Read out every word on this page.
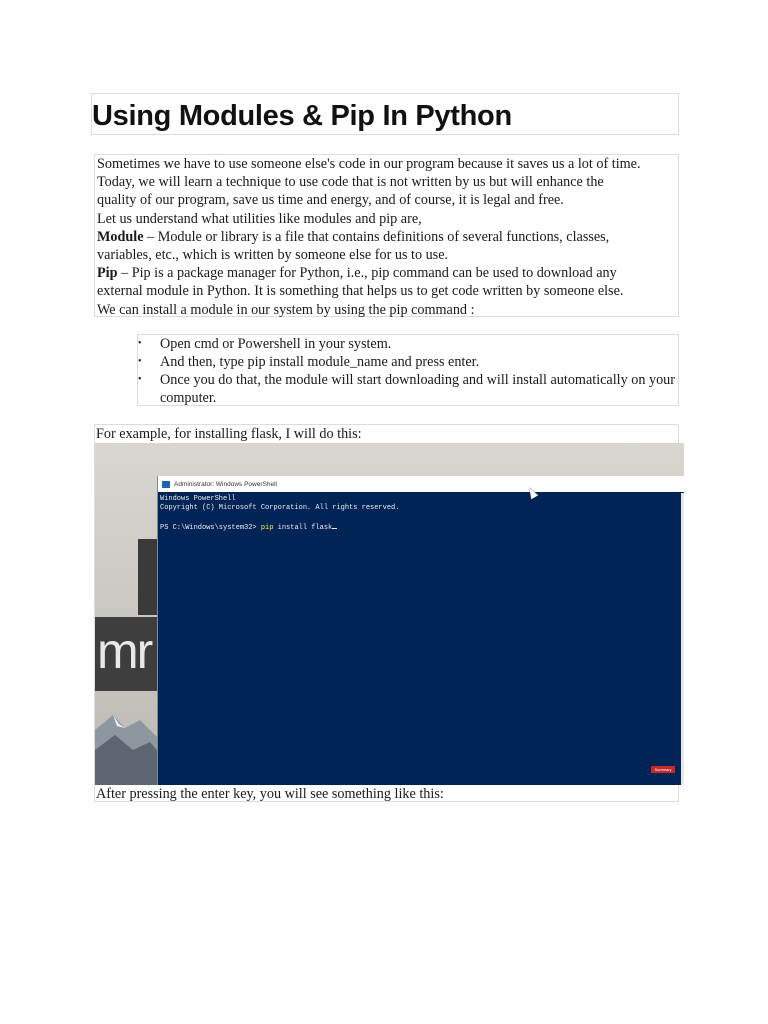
Using Modules & Pip In Python

Sometimes we have to use someone else's code in our program because it saves us a lot of time.

Today, we will learn a technique to use code that is not written by us but will enhance the

quality of our program, save us time and energy, and of course, it is legal and free.

Let us understand what utilities like modules and pip are,

Module – Module or library is a file that contains definitions of several functions, classes,

variables, etc., which is written by someone else for us to use.

Pip – Pip is a package manager for Python, i.e., pip command can be used to download any

external module in Python. It is something that helps us to get code written by someone else.

We can install a module in our system by using the pip command :

• Open cmd or Powershell in your system.
• And then, type pip install module_name and press enter.
• Once you do that, the module will start downloading and will install automatically on your computer.

For example, for installing flask, I will do this:

mr
Administrator: Windows PowerShell
Windows PowerShell
Copyright (C) Microsoft Corporation. All rights reserved.
PS C:\Windows\system32> pip install flask
Summary

After pressing the enter key, you will see something like this:
